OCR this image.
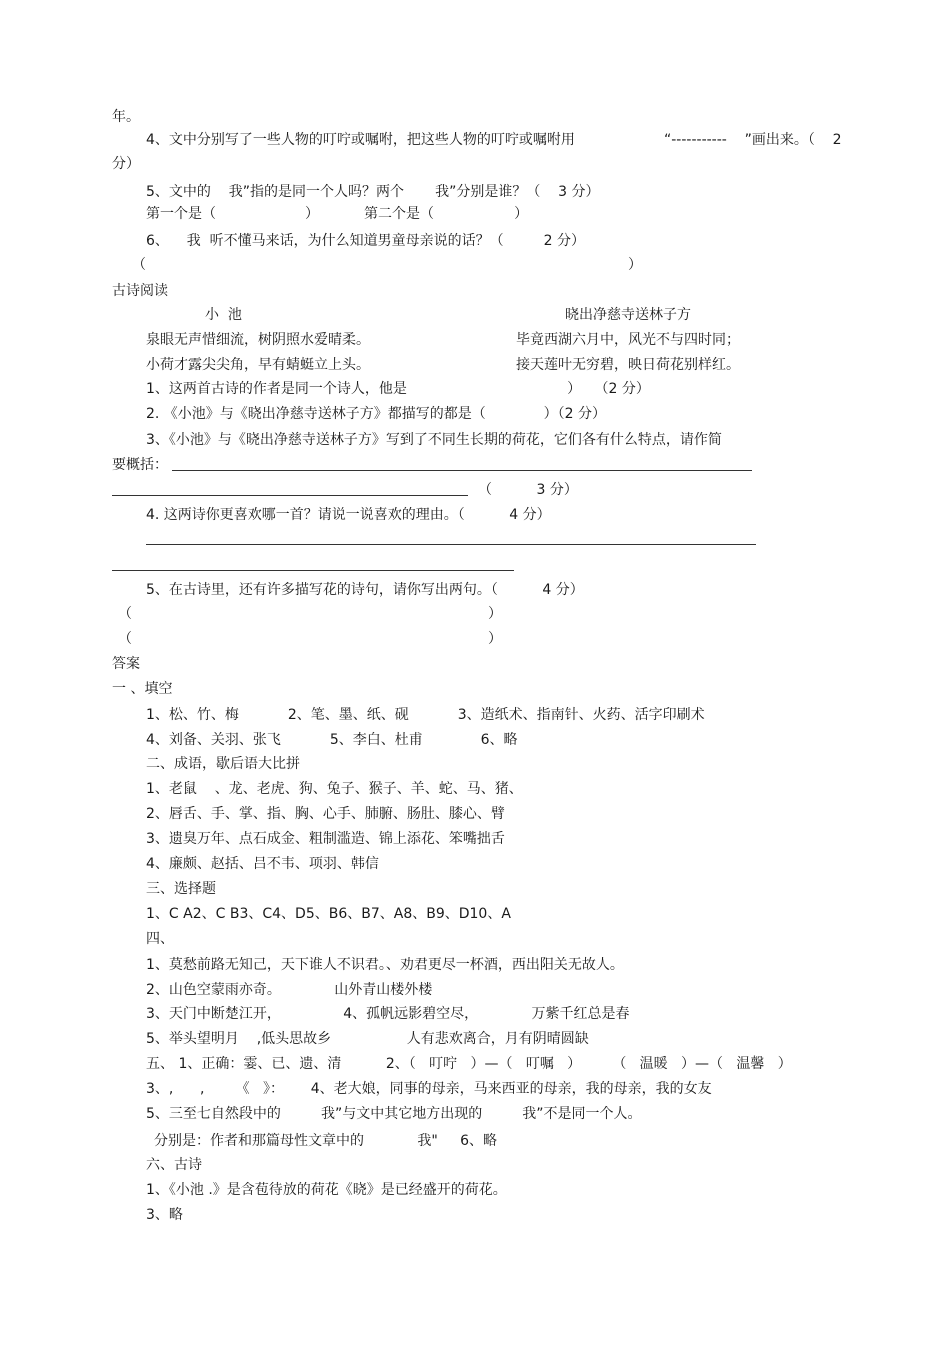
年。
4、文中分别写了一些人物的叮咛或嘱咐，把这些人物的叮咛或嘱咐用	“-----------    ”画出来。（    2
分）
5、文中的    我”指的是同一个人吗？两个       我”分别是谁？（    3 分）
第一个是（                    ）	第二个是（                  ）
6、    我  听不懂马来话，为什么知道男童母亲说的话？（         2 分）
（	）
古诗阅读
小  池	晓出净慈寺送林子方
泉眼无声惜细流，树阴照水爱晴柔。	毕竟西湖六月中，风光不与四时同；
小荷才露尖尖角，早有蜻蜓立上头。	接天莲叶无穷碧，映日荷花别样红。
1、这两首古诗的作者是同一个诗人，他是                                    ）   （2 分）
2. 《小池》与《晓出净慈寺送林子方》都描写的都是（             ）（2 分）
3、《小池》与《晓出净慈寺送林子方》写到了不同生长期的荷花，它们各有什么特点，请作简
要概括：
（          3 分）
4. 这两诗你更喜欢哪一首？请说一说喜欢的理由。（          4 分）
5、在古诗里，还有许多描写花的诗句，请你写出两句。（          4 分）
（	）
（	）
答案
一 、填空
1、松、竹、梅           2、笔、墨、纸、砚           3、造纸术、指南针、火药、活字印刷术
4、刘备、关羽、张飞           5、李白、杜甫             6、略
二、成语，歇后语大比拼
1、老鼠    、龙、老虎、狗、兔子、猴子、羊、蛇、马、猪、
2、唇舌、手、掌、指、胸、心手、肺腑、肠肚、膝心、臂
3、遗臭万年、点石成金、粗制滥造、锦上添花、笨嘴拙舌
4、廉颇、赵括、吕不韦、项羽、韩信
三、选择题
1、C A2、C B3、C4、D5、B6、B7、A8、B9、D10、A
四、
1、莫愁前路无知己，天下谁人不识君。、劝君更尽一杯酒，西出阳关无故人。
2、山色空蒙雨亦奇。            山外青山楼外楼
3、天门中断楚江开，              4、孤帆远影碧空尽，            万紫千红总是春
5、举头望明月    ,低头思故乡                 人有悲欢离合，月有阴晴圆缺
五、 1、正确：霎、已、遗、清          2、（   叮咛   ）—（   叮嘱   ）       （   温暖   ）—（   温馨   ）
3、,      ,       《   》：      4、老大娘，同事的母亲，马来西亚的母亲，我的母亲，我的女友
5、三至七自然段中的         我”与文中其它地方出现的         我”不是同一个人。
分别是：作者和那篇母性文章中的            我"     6、略
六、古诗
1、《小池 .》是含苞待放的荷花《晓》是已经盛开的荷花。
3、略
